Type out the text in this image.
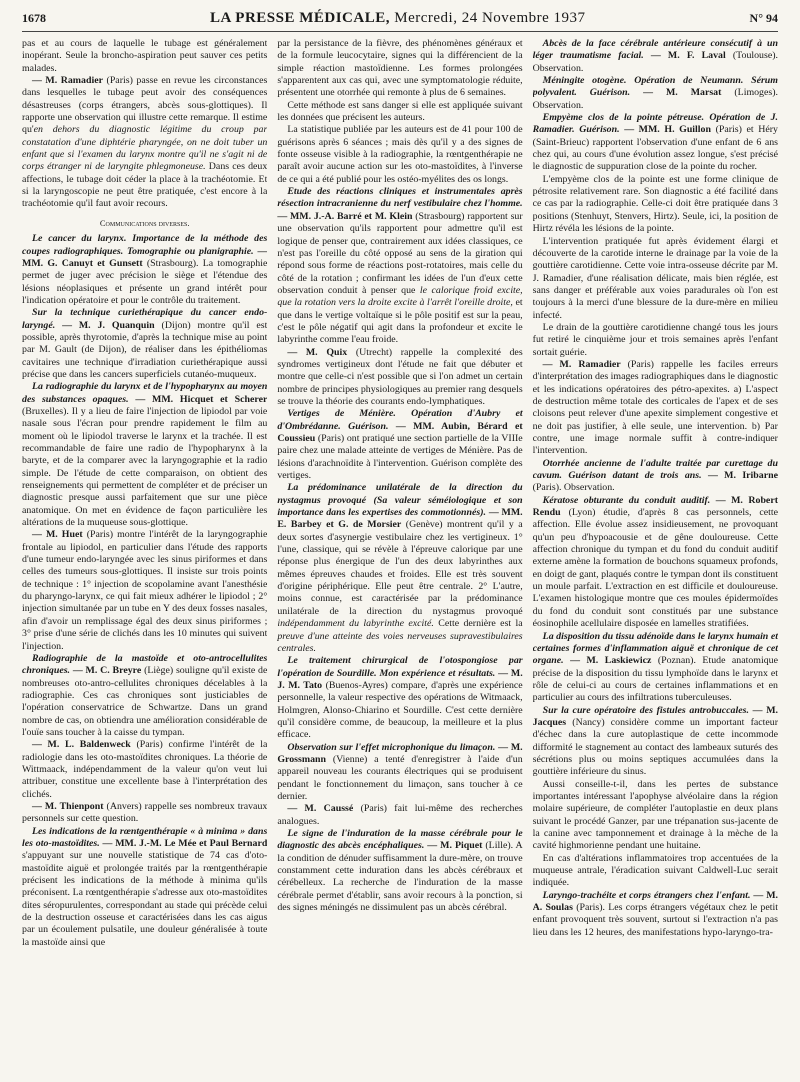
1678	LA PRESSE MÉDICALE, Mercredi, 24 Novembre 1937	N° 94

pas et au cours de laquelle le tubage est généralement inopérant. Seule la broncho-aspiration peut sauver ces petits malades.

— M. Ramadier (Paris) passe en revue les circonstances dans lesquelles le tubage peut avoir des conséquences désastreuses (corps étrangers, abcès sous-glottiques). Il rapporte une observation qui illustre cette remarque. Il estime qu'en dehors du diagnostic légitime du croup par constatation d'une diphtérie pharyngée, on ne doit tuber un enfant que si l'examen du larynx montre qu'il ne s'agit ni de corps étranger ni de laryngite phlegmoneuse. Dans ces deux affections, le tubage doit céder la place à la trachéotomie. Et si la laryngoscopie ne peut être pratiquée, c'est encore à la trachéotomie qu'il faut avoir recours.

Communications diverses.

Le cancer du larynx. Importance de la méthode des coupes radiographiques. Tomographie ou planigraphie. — MM. G. Canuyt et Gunsett (Strasbourg). La tomographie permet de juger avec précision le siège et l'étendue des lésions néoplasiques et présente un grand intérêt pour l'indication opératoire et pour le contrôle du traitement.

Sur la technique curiethérapique du cancer endo-laryngé. — M. J. Quanquin (Dijon) montre qu'il est possible, après thyrotomie, d'après la technique mise au point par M. Gault (de Dijon), de réaliser dans les épithéliomas cavitaires une technique d'irradiation curiethérapique aussi précise que dans les cancers superficiels cutanéo-muqueux.

La radiographie du larynx et de l'hypopharynx au moyen des substances opaques. — MM. Hicquet et Scherer (Bruxelles). Il y a lieu de faire l'injection de lipiodol par voie nasale sous l'écran pour prendre rapidement le film au moment où le lipiodol traverse le larynx et la trachée. Il est recommandable de faire une radio de l'hypopharynx à la baryte, et de la comparer avec la laryngographie et la radio simple. De l'étude de cette comparaison, on obtient des renseignements qui permettent de compléter et de préciser un diagnostic presque aussi parfaitement que sur une pièce anatomique. On met en évidence de façon particulière les altérations de la muqueuse sous-glottique.

— M. Huet (Paris) montre l'intérêt de la laryngographie frontale au lipiodol, en particulier dans l'étude des rapports d'une tumeur endo-laryngée avec les sinus piriformes et dans celles des tumeurs sous-glottiques. Il insiste sur trois points de technique : 1° injection de scopolamine avant l'anesthésie du pharyngo-larynx, ce qui fait mieux adhérer le lipiodol ; 2° injection simultanée par un tube en Y des deux fosses nasales, afin d'avoir un remplissage égal des deux sinus piriformes ; 3° prise d'une série de clichés dans les 10 minutes qui suivent l'injection.

Radiographie de la mastoïde et oto-antrocellulites chroniques. — M. C. Breyre (Liège) souligne qu'il existe de nombreuses oto-antro-cellulites chroniques décelables à la radiographie. Ces cas chroniques sont justiciables de l'opération conservatrice de Schwartze. Dans un grand nombre de cas, on obtiendra une amélioration considérable de l'ouïe sans toucher à la caisse du tympan.

— M. L. Baldenweck (Paris) confirme l'intérêt de la radiologie dans les oto-mastoïdites chroniques. La théorie de Wittmaack, indépendamment de la valeur qu'on veut lui attribuer, constitue une excellente base à l'interprétation des clichés.

— M. Thienpont (Anvers) rappelle ses nombreux travaux personnels sur cette question.

Les indications de la rœntgenthérapie « à minima » dans les oto-mastoïdites. — MM. J.-M. Le Mée et Paul Bernard s'appuyant sur une nouvelle statistique de 74 cas d'oto-mastoïdite aiguë et prolongée traités par la rœntgenthérapie précisent les indications de la méthode à minima qu'ils préconisent. La rœntgenthérapie s'adresse aux oto-mastoïdites dites séropurulentes, correspondant au stade qui précède celui de la destruction osseuse et caractérisées dans les cas aigus par un écoulement pulsatile, une douleur généralisée à toute la mastoïde ainsi que

par la persistance de la fièvre, des phénomènes généraux et de la formule leucocytaire, signes qui la différencient de la simple réaction mastoïdienne. Les formes prolongées s'apparentent aux cas qui, avec une symptomatologie réduite, présentent une otorrhée qui remonte à plus de 6 semaines.

Cette méthode est sans danger si elle est appliquée suivant les données que précisent les auteurs.

La statistique publiée par les auteurs est de 41 pour 100 de guérisons après 6 séances ; mais dès qu'il y a des signes de fonte osseuse visible à la radiographie, la rœntgenthérapie ne paraît avoir aucune action sur les oto-mastoïdites, à l'inverse de ce qui a été publié pour les ostéo-myélites des os longs.

Etude des réactions cliniques et instrumentales après résection intracranienne du nerf vestibulaire chez l'homme. — MM. J.-A. Barré et M. Klein (Strasbourg) rapportent sur une observation qu'ils rapportent pour admettre qu'il est logique de penser que, contrairement aux idées classiques, ce n'est pas l'oreille du côté opposé au sens de la giration qui répond sous forme de réactions post-rotatoires, mais celle du côté de la rotation ; confirmant les idées de l'un d'eux cette observation conduit à penser que le calorique froid excite, que la rotation vers la droite excite à l'arrêt l'oreille droite, et que dans le vertige voltaïque si le pôle positif est sur la peau, c'est le pôle négatif qui agit dans la profondeur et excite le labyrinthe comme l'eau froide.

— M. Quix (Utrecht) rappelle la complexité des syndromes vertigineux dont l'étude ne fait que débuter et montre que celle-ci n'est possible que si l'on admet un certain nombre de principes physiologiques au premier rang desquels se trouve la théorie des courants endo-lymphatiques.

Vertiges de Ménière. Opération d'Aubry et d'Ombrédanne. Guérison. — MM. Aubin, Bérard et Coussieu (Paris) ont pratiqué une section partielle de la VIIIe paire chez une malade atteinte de vertiges de Ménière. Pas de lésions d'arachnoïdite à l'intervention. Guérison complète des vertiges.

La prédominance unilatérale de la direction du nystagmus provoqué (Sa valeur séméiologique et son importance dans les expertises des commotionnés). — MM. E. Barbey et G. de Morsier (Genève) montrent qu'il y a deux sortes d'asynergie vestibulaire chez les vertigineux. 1° l'une, classique, qui se révèle à l'épreuve calorique par une réponse plus énergique de l'un des deux labyrinthes aux mêmes épreuves chaudes et froides. Elle est très souvent d'origine périphérique. Elle peut être centrale. 2° L'autre, moins connue, est caractérisée par la prédominance unilatérale de la direction du nystagmus provoqué indépendamment du labyrinthe excité. Cette dernière est la preuve d'une atteinte des voies nerveuses supravestibulaires centrales.

Le traitement chirurgical de l'otospongiose par l'opération de Sourdille. Mon expérience et résultats. — M. J. M. Tato (Buenos-Ayres) compare, d'après une expérience personnelle, la valeur respective des opérations de Witmaack, Holmgren, Alonso-Chiarino et Sourdille. C'est cette dernière qu'il considère comme, de beaucoup, la meilleure et la plus efficace.

Observation sur l'effet microphonique du limaçon. — M. Grossmann (Vienne) a tenté d'enregistrer à l'aide d'un appareil nouveau les courants électriques qui se produisent pendant le fonctionnement du limaçon, sans toucher à ce dernier.

— M. Caussé (Paris) fait lui-même des recherches analogues.

Le signe de l'induration de la masse cérébrale pour le diagnostic des abcès encéphaliques. — M. Piquet (Lille). A la condition de dénuder suffisamment la dure-mère, on trouve constamment cette induration dans les abcès cérébraux et cérébelleux. La recherche de l'induration de la masse cérébrale permet d'établir, sans avoir recours à la ponction, si des signes méningés ne dissimulent pas un abcès cérébral.

Abcès de la face cérébrale antérieure consécutif à un léger traumatisme facial. — M. F. Laval (Toulouse). Observation.

Méningite otogène. Opération de Neumann. Sérum polyvalent. Guérison. — M. Marsat (Limoges). Observation.

Empyème clos de la pointe pétreuse. Opération de J. Ramadier. Guérison. — MM. H. Guillon (Paris) et Héry (Saint-Brieuc) rapportent l'observation d'une enfant de 6 ans chez qui, au cours d'une évolution assez longue, s'est précisé le diagnostic de suppuration close de la pointe du rocher.

L'empyème clos de la pointe est une forme clinique de pétrosite relativement rare. Son diagnostic a été facilité dans ce cas par la radiographie. Celle-ci doit être pratiquée dans 3 positions (Stenhuyt, Stenvers, Hirtz). Seule, ici, la position de Hirtz révéla les lésions de la pointe.

L'intervention pratiquée fut après évidement élargi et découverte de la carotide interne le drainage par la voie de la gouttière carotidienne. Cette voie intra-osseuse décrite par M. J. Ramadier, d'une réalisation délicate, mais bien réglée, est sans danger et préférable aux voies paradurales où l'on est toujours à la merci d'une blessure de la dure-mère en milieu infecté.

Le drain de la gouttière carotidienne changé tous les jours fut retiré le cinquième jour et trois semaines après l'enfant sortait guérie.

— M. Ramadier (Paris) rappelle les faciles erreurs d'interprétation des images radiographiques dans le diagnostic et les indications opératoires des pétro-apexites. a) L'aspect de destruction même totale des corticales de l'apex et de ses cloisons peut relever d'une apexite simplement congestive et ne doit pas justifier, à elle seule, une intervention. b) Par contre, une image normale suffit à contre-indiquer l'intervention.

Otorrhée ancienne de l'adulte traitée par curettage du cavum. Guérison datant de trois ans. — M. Iribarne (Paris). Observation.

Kératose obturante du conduit auditif. — M. Robert Rendu (Lyon) étudie, d'après 8 cas personnels, cette affection. Elle évolue assez insidieusement, ne provoquant qu'un peu d'hypoacousie et de gêne douloureuse. Cette affection chronique du tympan et du fond du conduit auditif externe amène la formation de bouchons squameux profonds, en doigt de gant, plaqués contre le tympan dont ils constituent un moule parfait. L'extraction en est difficile et douloureuse. L'examen histologique montre que ces moules épidermoïdes du fond du conduit sont constitués par une substance éosinophile acellulaire disposée en lamelles stratifiées.

La disposition du tissu adénoïde dans le larynx humain et certaines formes d'inflammation aiguë et chronique de cet organe. — M. Laskiewicz (Poznan). Etude anatomique précise de la disposition du tissu lymphoïde dans le larynx et rôle de celui-ci au cours de certaines inflammations et en particulier au cours des infiltrations tuberculeuses.

Sur la cure opératoire des fistules antrobuccales. — M. Jacques (Nancy) considère comme un important facteur d'échec dans la cure autoplastique de cette incommode difformité le stagnement au contact des lambeaux suturés des sécrétions plus ou moins septiques accumulées dans la gouttière inférieure du sinus.

Aussi conseille-t-il, dans les pertes de substance importantes intéressant l'apophyse alvéolaire dans la région molaire supérieure, de compléter l'autoplastie en deux plans suivant le procédé Ganzer, par une trépanation sus-jacente de la canine avec tamponnement et drainage à la mèche de la cavité highmorienne pendant une huitaine.

En cas d'altérations inflammatoires trop accentuées de la muqueuse antrale, l'éradication suivant Caldwell-Luc serait indiquée.

Laryngo-trachéite et corps étrangers chez l'enfant. — M. A. Soulas (Paris). Les corps étrangers végétaux chez le petit enfant provoquent très souvent, surtout si l'extraction n'a pas lieu dans les 12 heures, des manifestations hypo-laryngo-tra-
